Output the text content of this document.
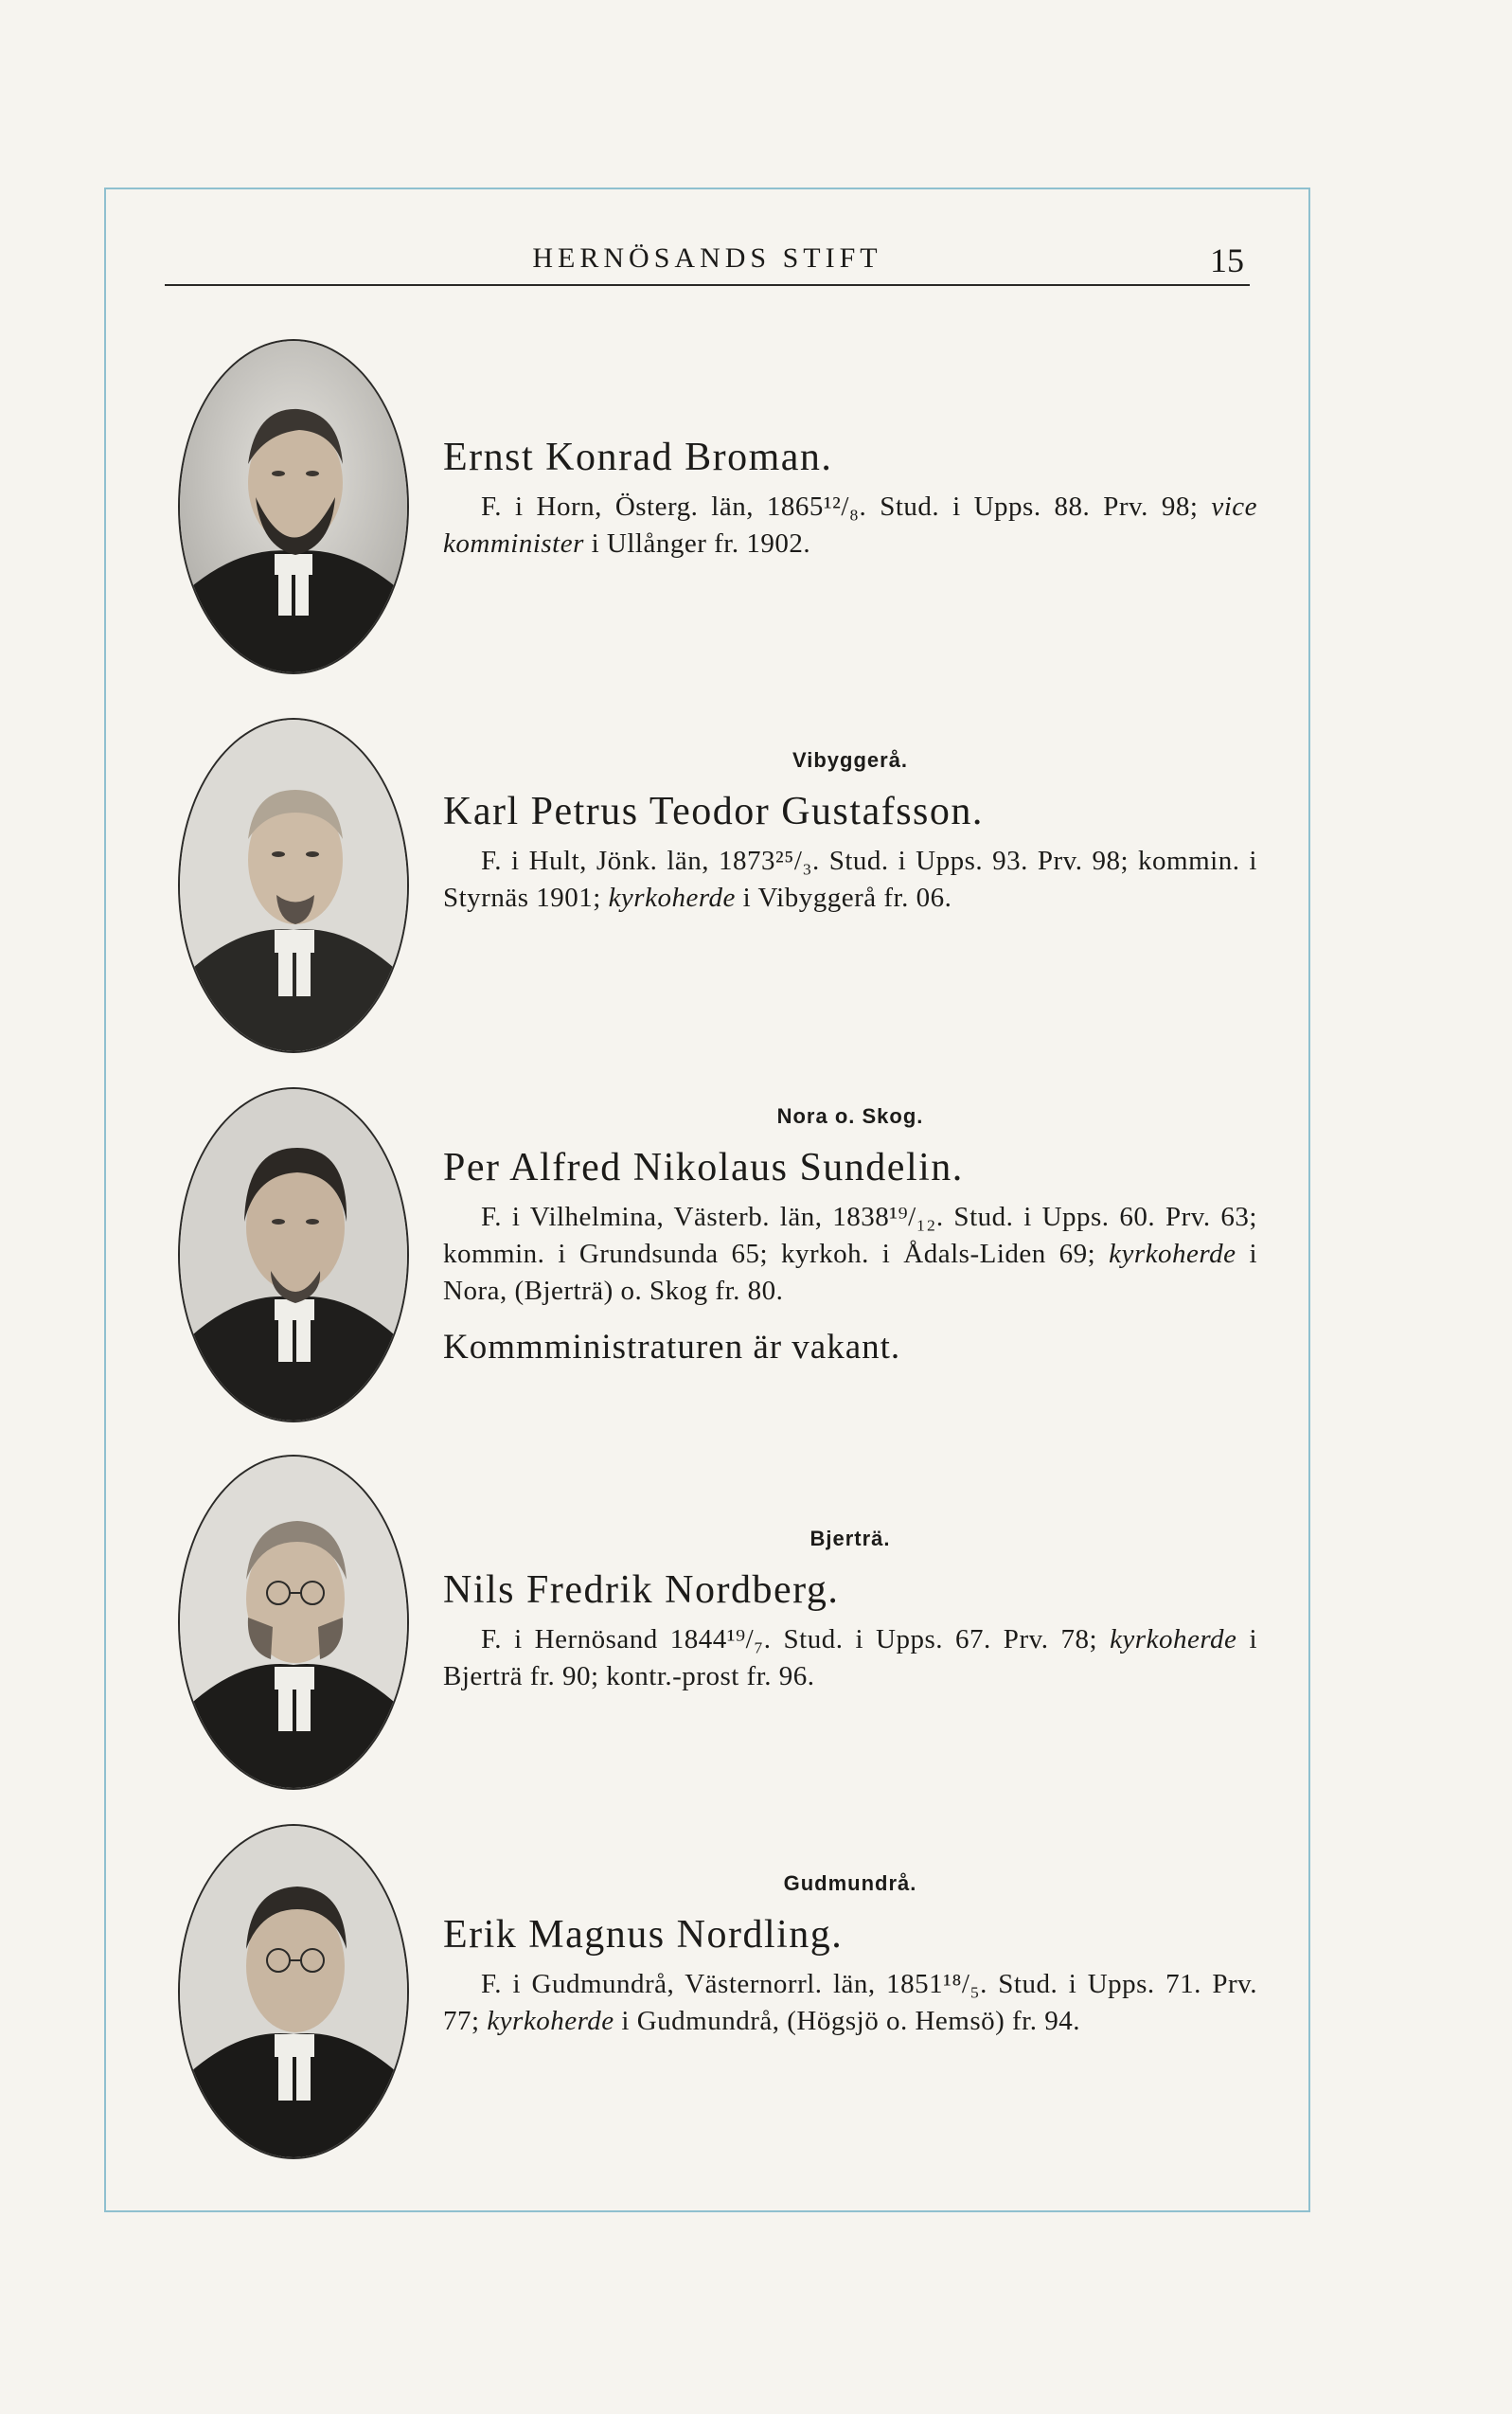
HERNÖSANDS STIFT	15
Ernst Konrad Broman.
F. i Horn, Österg. län, 1865¹²/₈. Stud. i Upps. 88. Prv. 98; vice komminister i Ullånger fr. 1902.
Vibyggerå.
Karl Petrus Teodor Gustafsson.
F. i Hult, Jönk. län, 1873²⁵/₃. Stud. i Upps. 93. Prv. 98; kommin. i Styrnäs 1901; kyrkoherde i Vibyggerå fr. 06.
Nora o. Skog.
Per Alfred Nikolaus Sundelin.
F. i Vilhelmina, Västerb. län, 1838¹⁹/₁₂. Stud. i Upps. 60. Prv. 63; kommin. i Grundsunda 65; kyrkoh. i Ådals-Liden 69; kyrkoherde i Nora, (Bjerträ) o. Skog fr. 80.
Kommministraturen är vakant.
Bjerträ.
Nils Fredrik Nordberg.
F. i Hernösand 1844¹⁹/₇. Stud. i Upps. 67. Prv. 78; kyrkoherde i Bjerträ fr. 90; kontr.-prost fr. 96.
Gudmundrå.
Erik Magnus Nordling.
F. i Gudmundrå, Västernorrl. län, 1851¹⁸/₅. Stud. i Upps. 71. Prv. 77; kyrkoherde i Gudmundrå, (Högsjö o. Hemsö) fr. 94.
